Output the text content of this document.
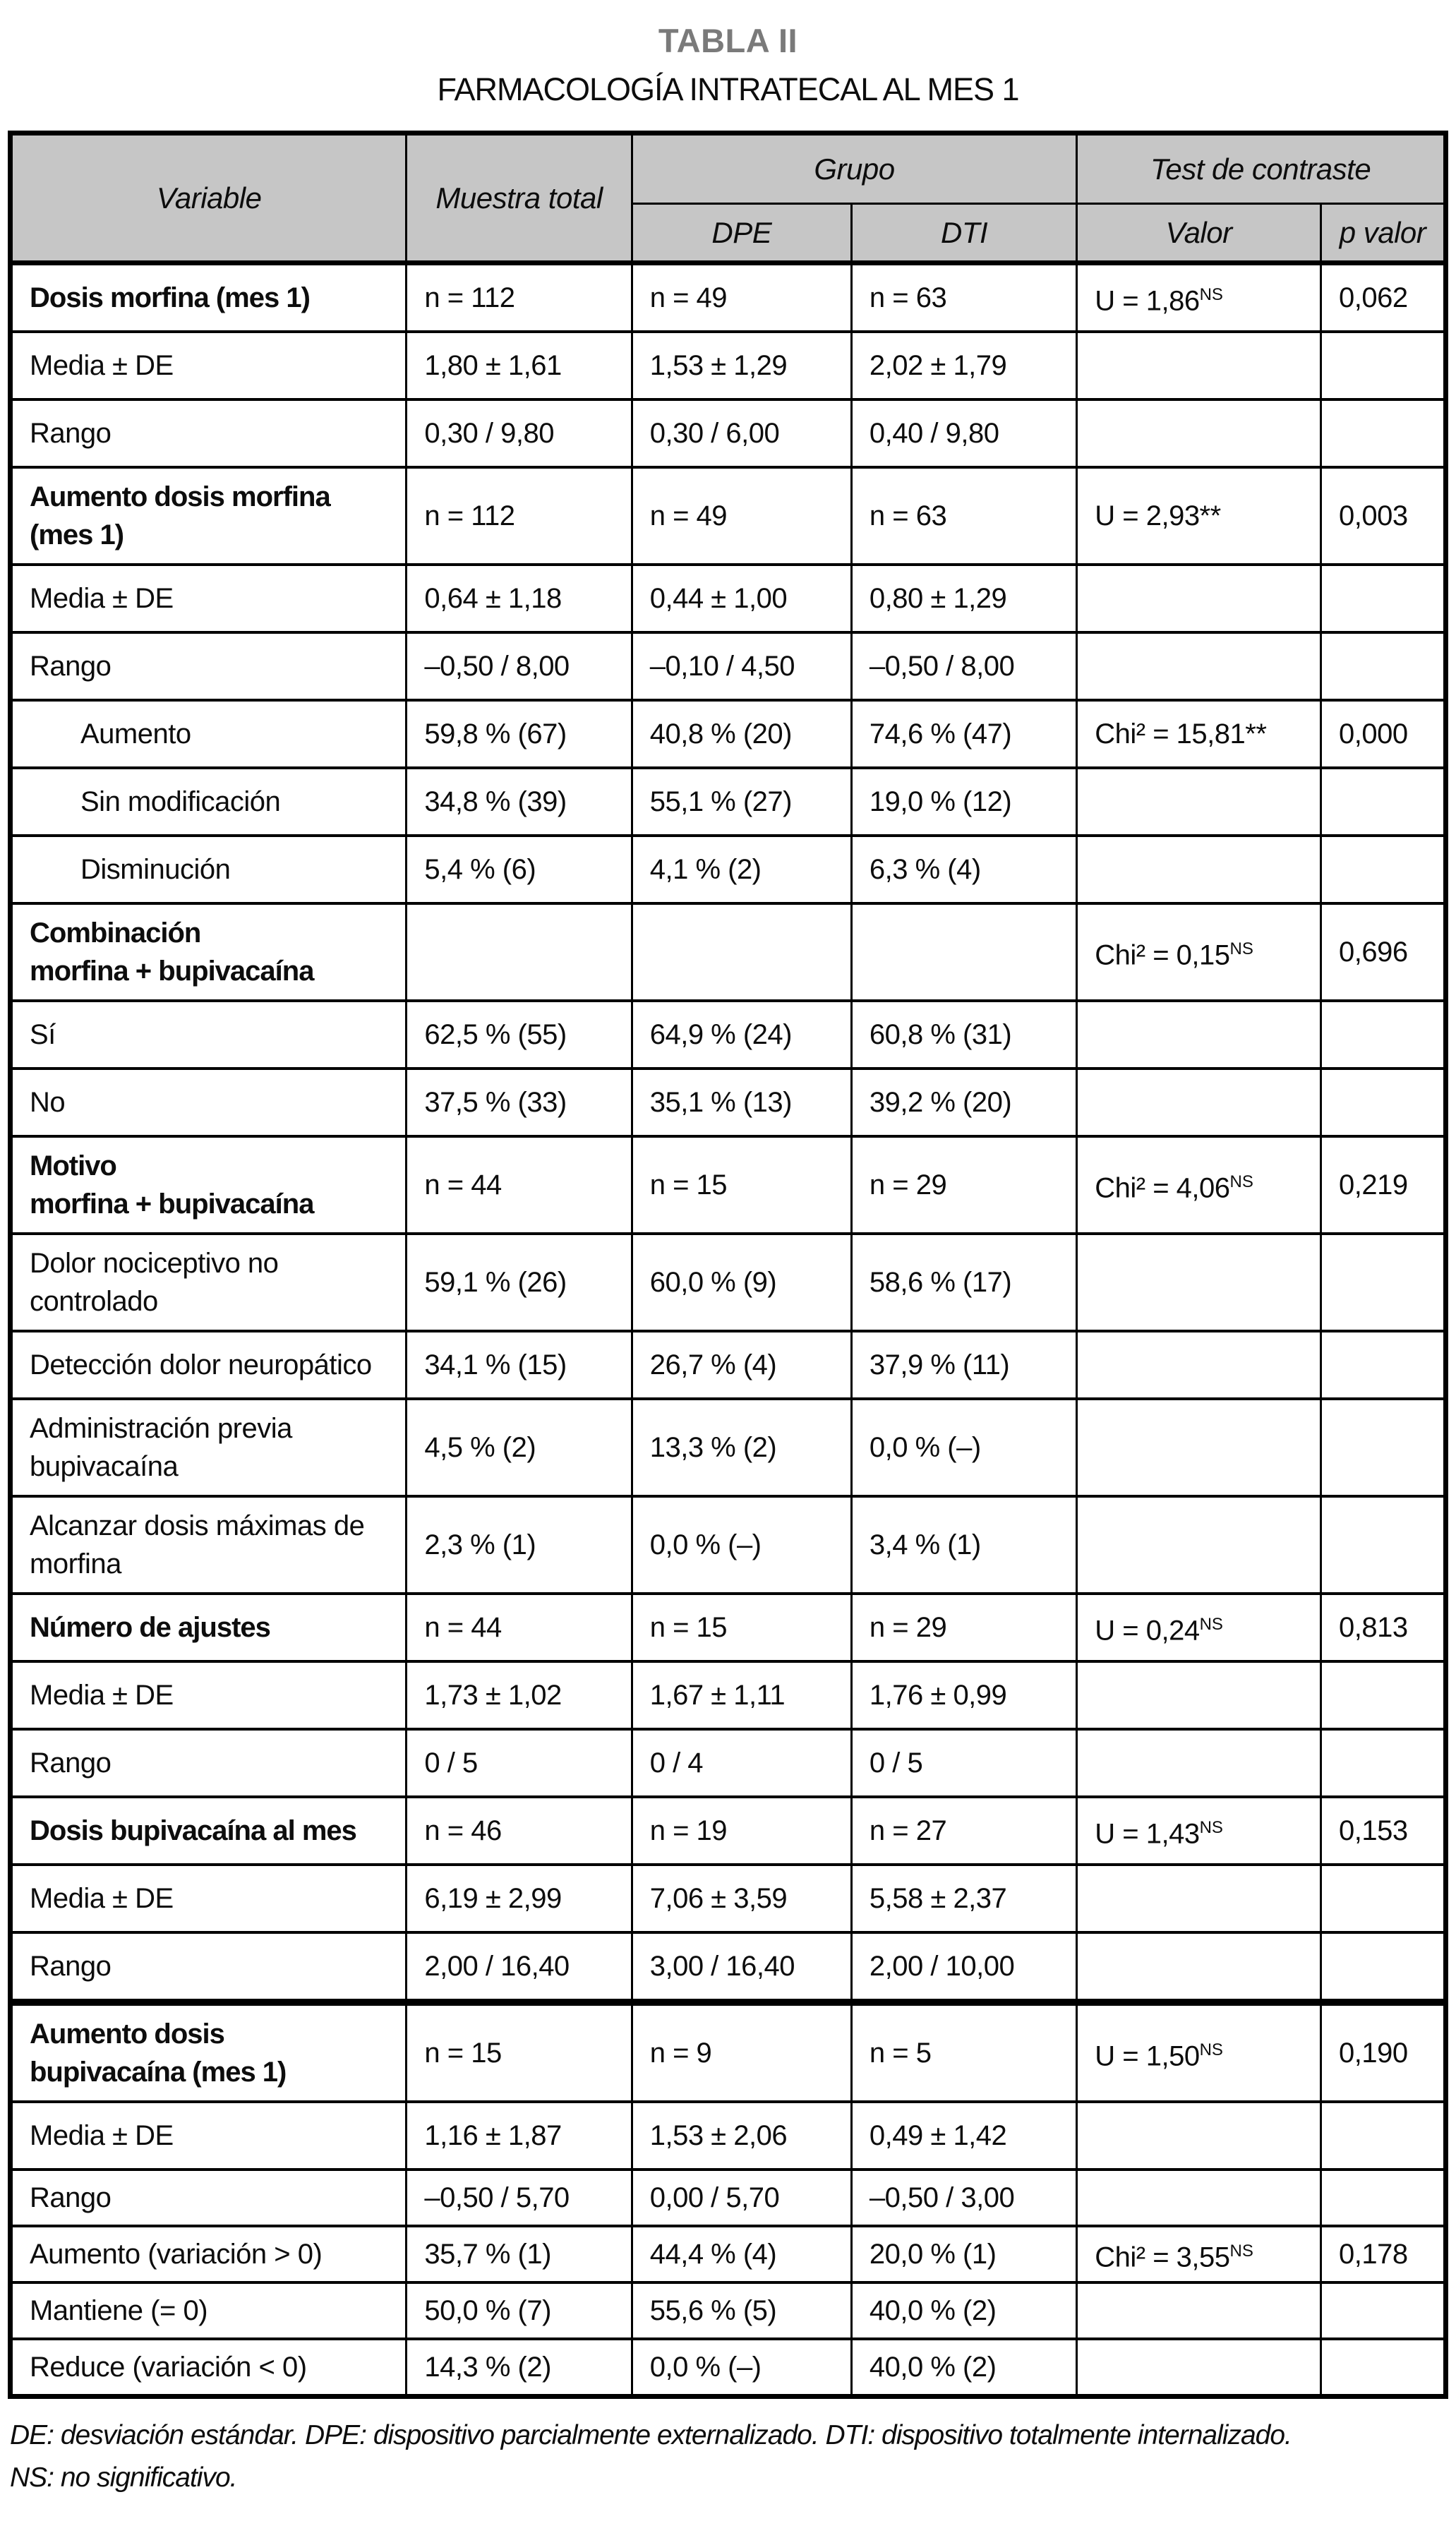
TABLA II
FARMACOLOGÍA INTRATECAL AL MES 1
Variable	Muestra total	Grupo		Test de contraste	
		DPE	DTI	Valor	p valor
Dosis morfina (mes 1)	n = 112	n = 49	n = 63	$U = 1,86^{NS}$	0,062
Media ± DE	1,80 ± 1,61	1,53 ± 1,29	2,02 ± 1,79		
Rango	0,30 / 9,80	0,30 / 6,00	0,40 / 9,80		
Aumento dosis morfina
(mes 1)	n = 112	n = 49	n = 63	U = 2,93**	0,003
Media ± DE	0,64 ± 1,18	0,44 ± 1,00	0,80 ± 1,29		
Rango	–0,50 / 8,00	–0,10 / 4,50	–0,50 / 8,00		
Aumento	59,8 % (67)	40,8 % (20)	74,6 % (47)	Chi² = 15,81**	0,000
Sin modificación	34,8 % (39)	55,1 % (27)	19,0 % (12)		
Disminución	5,4 % (6)	4,1 % (2)	6,3 % (4)		
Combinación
morfina + bupivacaína				$Chi^2 = 0,15^{NS}$	0,696
Sí	62,5 % (55)	64,9 % (24)	60,8 % (31)		
No	37,5 % (33)	35,1 % (13)	39,2 % (20)		
Motivo
morfina + bupivacaína	n = 44	n = 15	n = 29	$Chi^2 = 4,06^{NS}$	0,219
Dolor nociceptivo no
controlado	59,1 % (26)	60,0 % (9)	58,6 % (17)		
Detección dolor neuropático	34,1 % (15)	26,7 % (4)	37,9 % (11)		
Administración previa
bupivacaína	4,5 % (2)	13,3 % (2)	0,0 % (–)		
Alcanzar dosis máximas de
morfina	2,3 % (1)	0,0 % (–)	3,4 % (1)		
Número de ajustes	n = 44	n = 15	n = 29	$U = 0,24^{NS}$	0,813
Media ± DE	1,73 ± 1,02	1,67 ± 1,11	1,76 ± 0,99		
Rango	0 / 5	0 / 4	0 / 5		
Dosis bupivacaína al mes	n = 46	n = 19	n = 27	$U = 1,43^{NS}$	0,153
Media ± DE	6,19 ± 2,99	7,06 ± 3,59	5,58 ± 2,37		
Rango	2,00 / 16,40	3,00 / 16,40	2,00 / 10,00		
Aumento dosis
bupivacaína (mes 1)	n = 15	n = 9	n = 5	$U = 1,50^{NS}$	0,190
Media ± DE	1,16 ± 1,87	1,53 ± 2,06	0,49 ± 1,42		
Rango	–0,50 / 5,70	0,00 / 5,70	–0,50 / 3,00		
Aumento (variación > 0)	35,7 % (1)	44,4 % (4)	20,0 % (1)	$Chi^2 = 3,55^{NS}$	0,178
Mantiene (= 0)	50,0 % (7)	55,6 % (5)	40,0 % (2)		
Reduce (variación < 0)	14,3 % (2)	0,0 % (–)	40,0 % (2)		
DE: desviación estándar. DPE: dispositivo parcialmente externalizado. DTI: dispositivo totalmente internalizado.
NS: no significativo.
